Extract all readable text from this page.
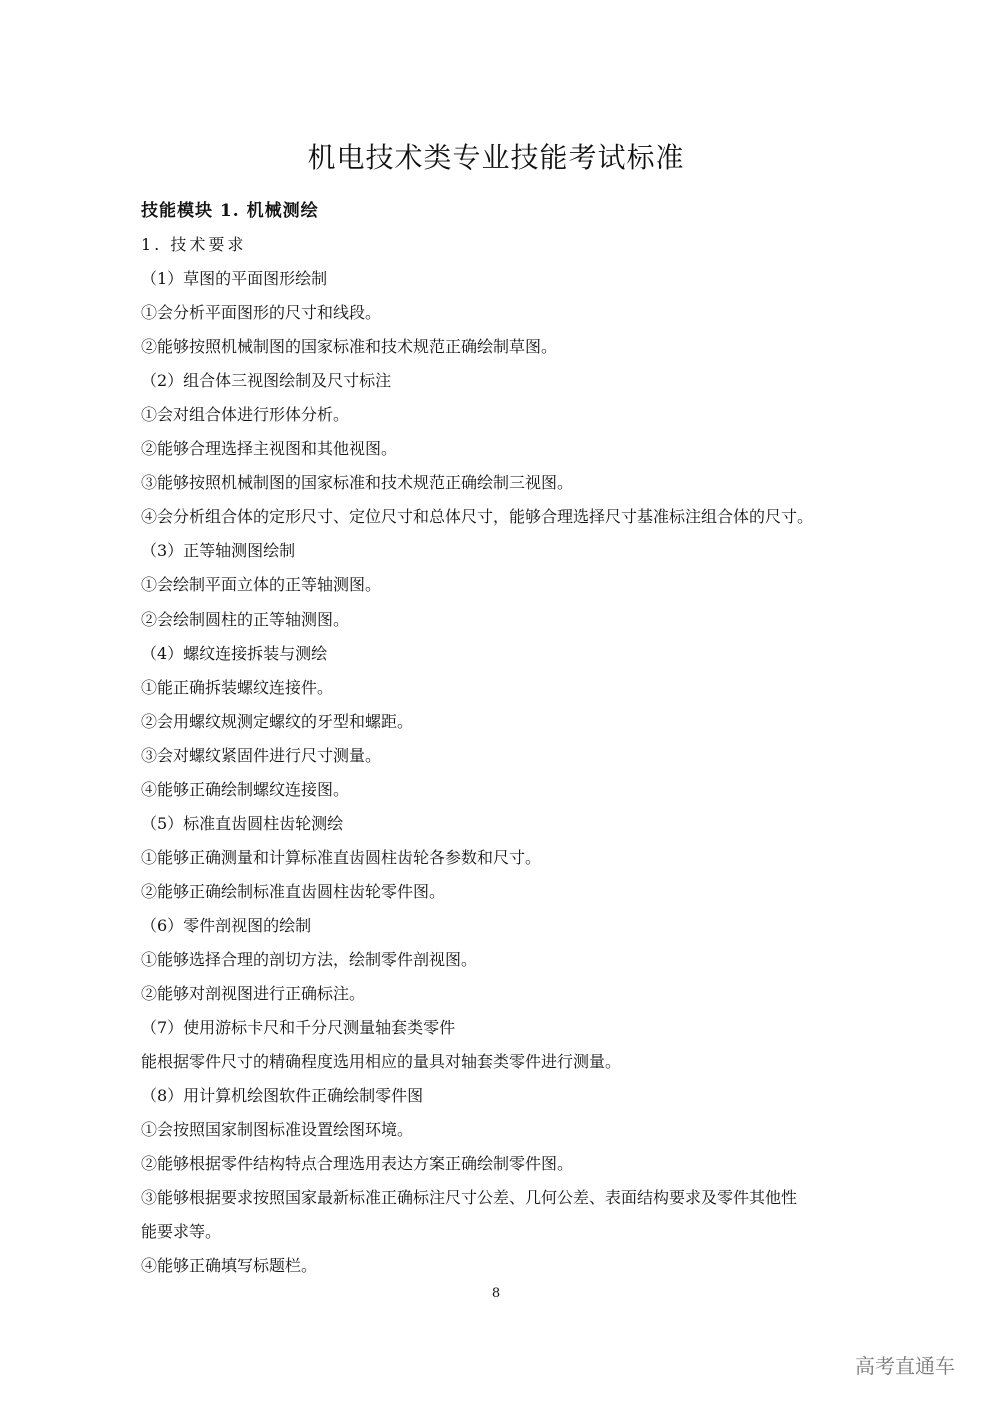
机电技术类专业技能考试标准
技能模块 1. 机械测绘
1. 技术要求
（1）草图的平面图形绘制
①会分析平面图形的尺寸和线段。
②能够按照机械制图的国家标准和技术规范正确绘制草图。
（2）组合体三视图绘制及尺寸标注
①会对组合体进行形体分析。
②能够合理选择主视图和其他视图。
③能够按照机械制图的国家标准和技术规范正确绘制三视图。
④会分析组合体的定形尺寸、定位尺寸和总体尺寸，能够合理选择尺寸基准标注组合体的尺寸。
（3）正等轴测图绘制
①会绘制平面立体的正等轴测图。
②会绘制圆柱的正等轴测图。
（4）螺纹连接拆装与测绘
①能正确拆装螺纹连接件。
②会用螺纹规测定螺纹的牙型和螺距。
③会对螺纹紧固件进行尺寸测量。
④能够正确绘制螺纹连接图。
（5）标准直齿圆柱齿轮测绘
①能够正确测量和计算标准直齿圆柱齿轮各参数和尺寸。
②能够正确绘制标准直齿圆柱齿轮零件图。
（6）零件剖视图的绘制
①能够选择合理的剖切方法，绘制零件剖视图。
②能够对剖视图进行正确标注。
（7）使用游标卡尺和千分尺测量轴套类零件
能根据零件尺寸的精确程度选用相应的量具对轴套类零件进行测量。
（8）用计算机绘图软件正确绘制零件图
①会按照国家制图标准设置绘图环境。
②能够根据零件结构特点合理选用表达方案正确绘制零件图。
③能够根据要求按照国家最新标准正确标注尺寸公差、几何公差、表面结构要求及零件其他性
能要求等。
④能够正确填写标题栏。
8
高考直通车
